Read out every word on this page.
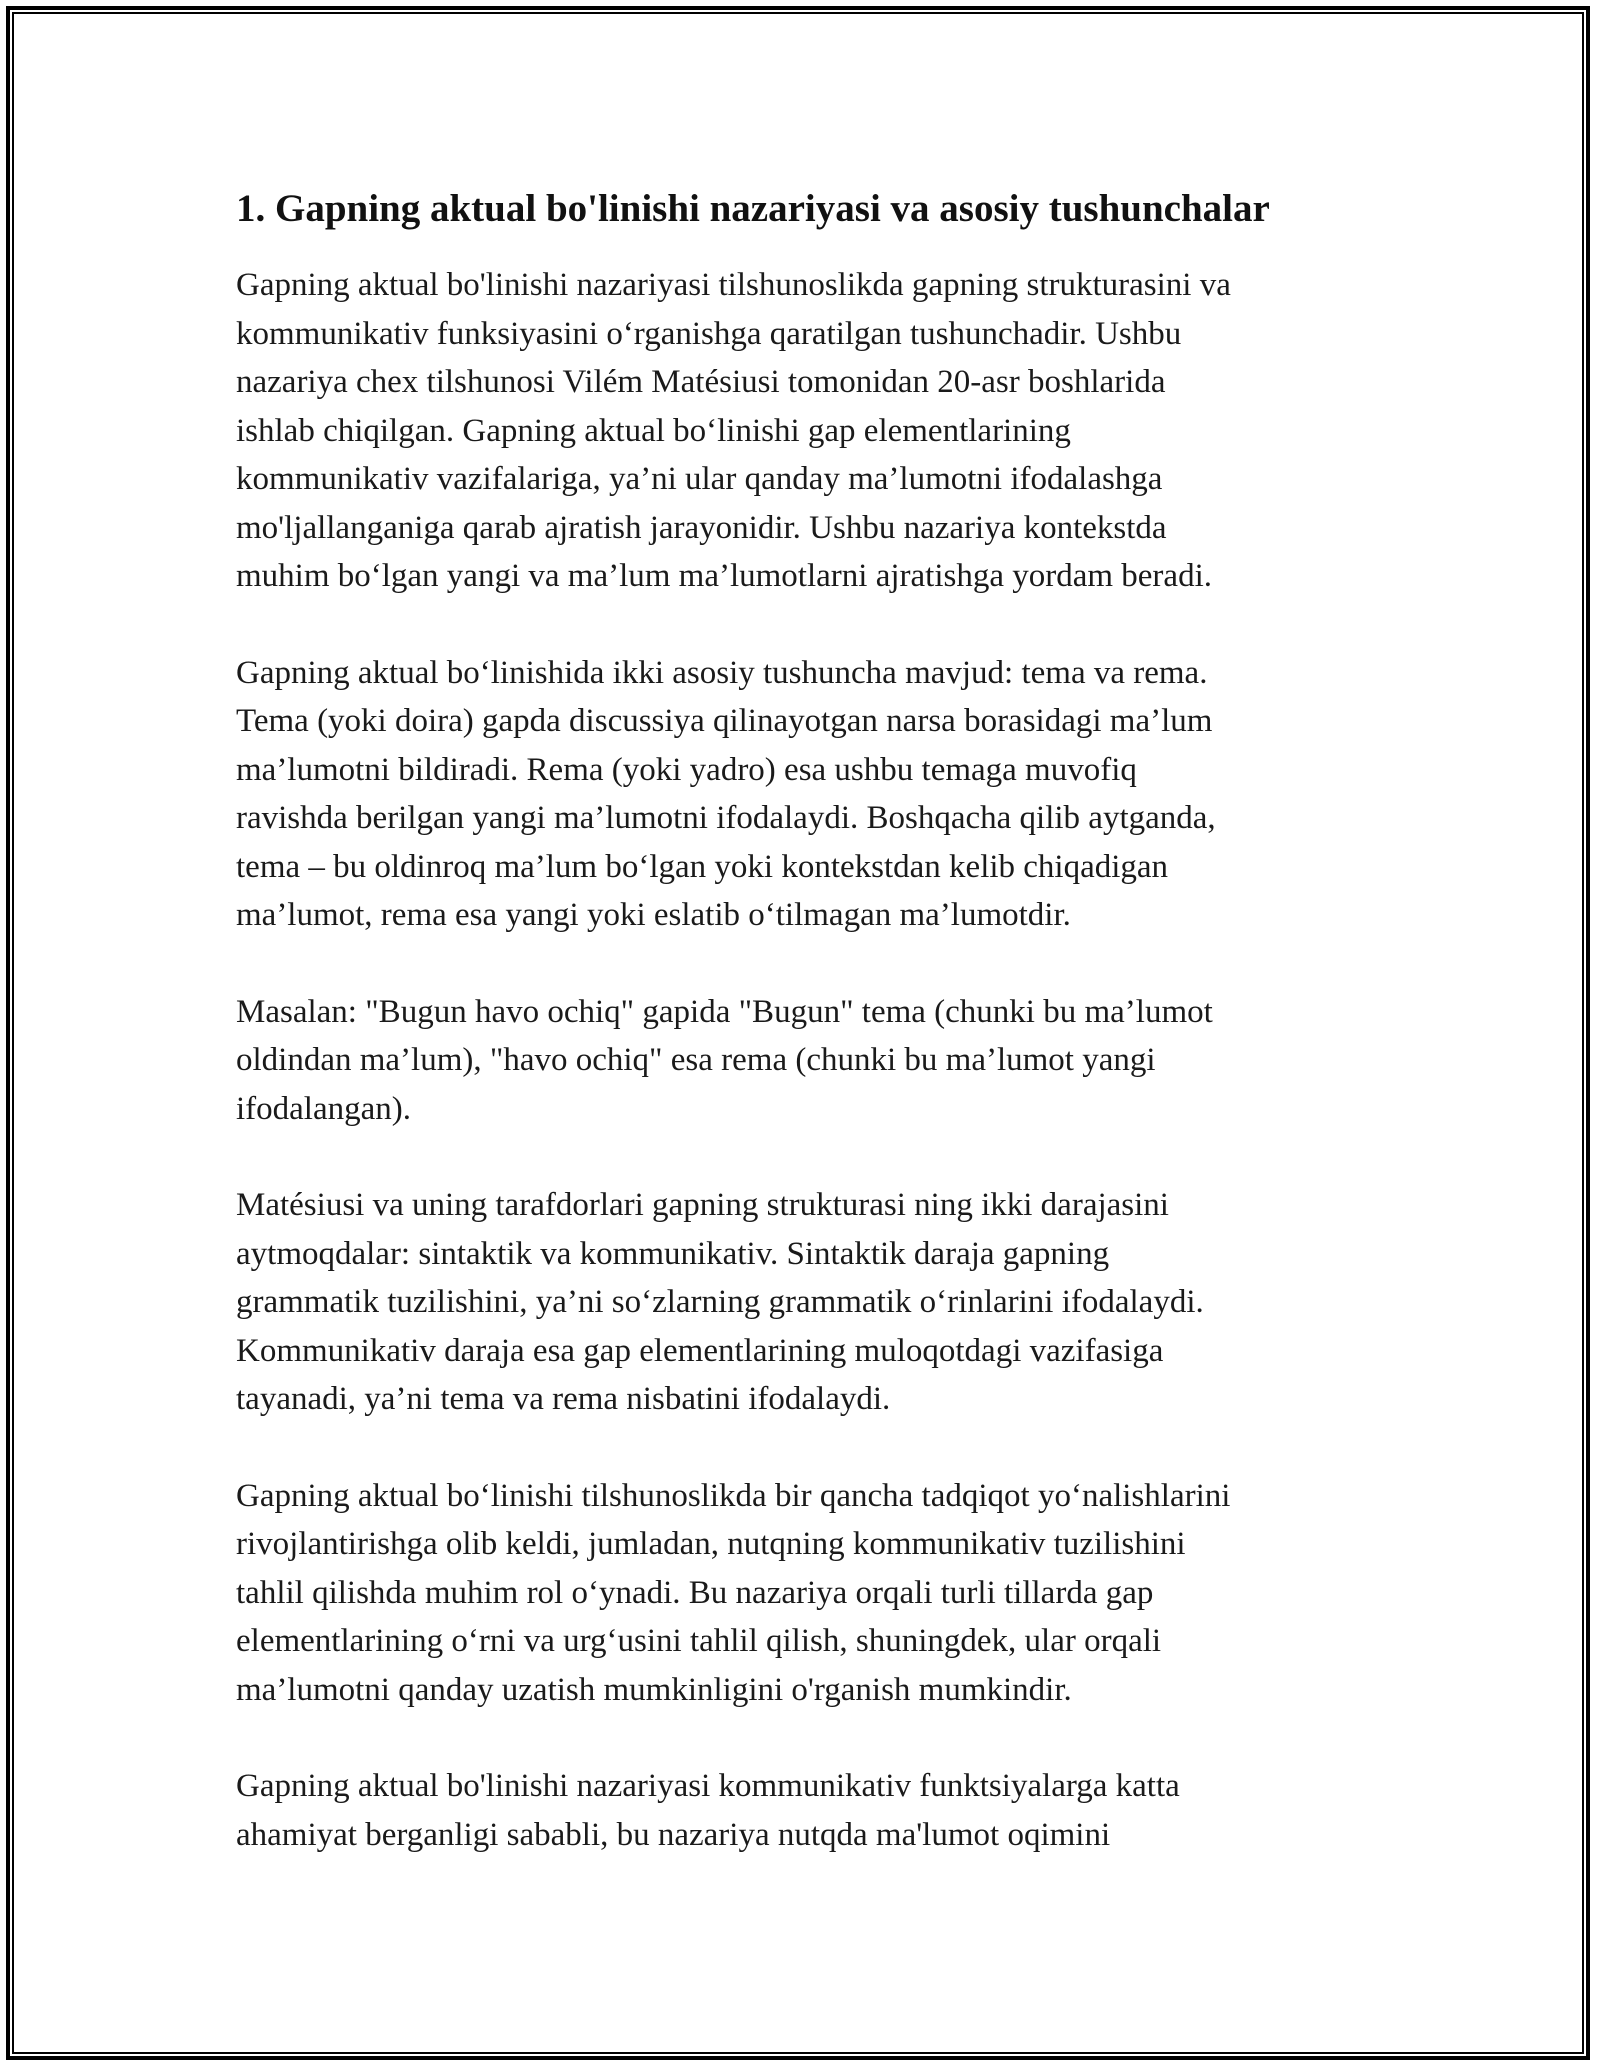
1. Gapning aktual bo'linishi nazariyasi va asosiy tushunchalar

Gapning aktual bo'linishi nazariyasi tilshunoslikda gapning strukturasini va
kommunikativ funksiyasini o‘rganishga qaratilgan tushunchadir. Ushbu
nazariya chex tilshunosi Vilém Matésiusi tomonidan 20-asr boshlarida
ishlab chiqilgan. Gapning aktual bo‘linishi gap elementlarining
kommunikativ vazifalariga, ya’ni ular qanday ma’lumotni ifodalashga
mo'ljallanganiga qarab ajratish jarayonidir. Ushbu nazariya kontekstda
muhim bo‘lgan yangi va ma’lum ma’lumotlarni ajratishga yordam beradi.

Gapning aktual bo‘linishida ikki asosiy tushuncha mavjud: tema va rema.
Tema (yoki doira) gapda discussiya qilinayotgan narsa borasidagi ma’lum
ma’lumotni bildiradi. Rema (yoki yadro) esa ushbu temaga muvofiq
ravishda berilgan yangi ma’lumotni ifodalaydi. Boshqacha qilib aytganda,
tema – bu oldinroq ma’lum bo‘lgan yoki kontekstdan kelib chiqadigan
ma’lumot, rema esa yangi yoki eslatib o‘tilmagan ma’lumotdir.

Masalan: "Bugun havo ochiq" gapida "Bugun" tema (chunki bu ma’lumot
oldindan ma’lum), "havo ochiq" esa rema (chunki bu ma’lumot yangi
ifodalangan).

Matésiusi va uning tarafdorlari gapning strukturasi ning ikki darajasini
aytmoqdalar: sintaktik va kommunikativ. Sintaktik daraja gapning
grammatik tuzilishini, ya’ni so‘zlarning grammatik o‘rinlarini ifodalaydi.
Kommunikativ daraja esa gap elementlarining muloqotdagi vazifasiga
tayanadi, ya’ni tema va rema nisbatini ifodalaydi.

Gapning aktual bo‘linishi tilshunoslikda bir qancha tadqiqot yo‘nalishlarini
rivojlantirishga olib keldi, jumladan, nutqning kommunikativ tuzilishini
tahlil qilishda muhim rol o‘ynadi. Bu nazariya orqali turli tillarda gap
elementlarining o‘rni va urg‘usini tahlil qilish, shuningdek, ular orqali
ma’lumotni qanday uzatish mumkinligini o'rganish mumkindir.

Gapning aktual bo'linishi nazariyasi kommunikativ funktsiyalarga katta
ahamiyat berganligi sababli, bu nazariya nutqda ma'lumot oqimini
